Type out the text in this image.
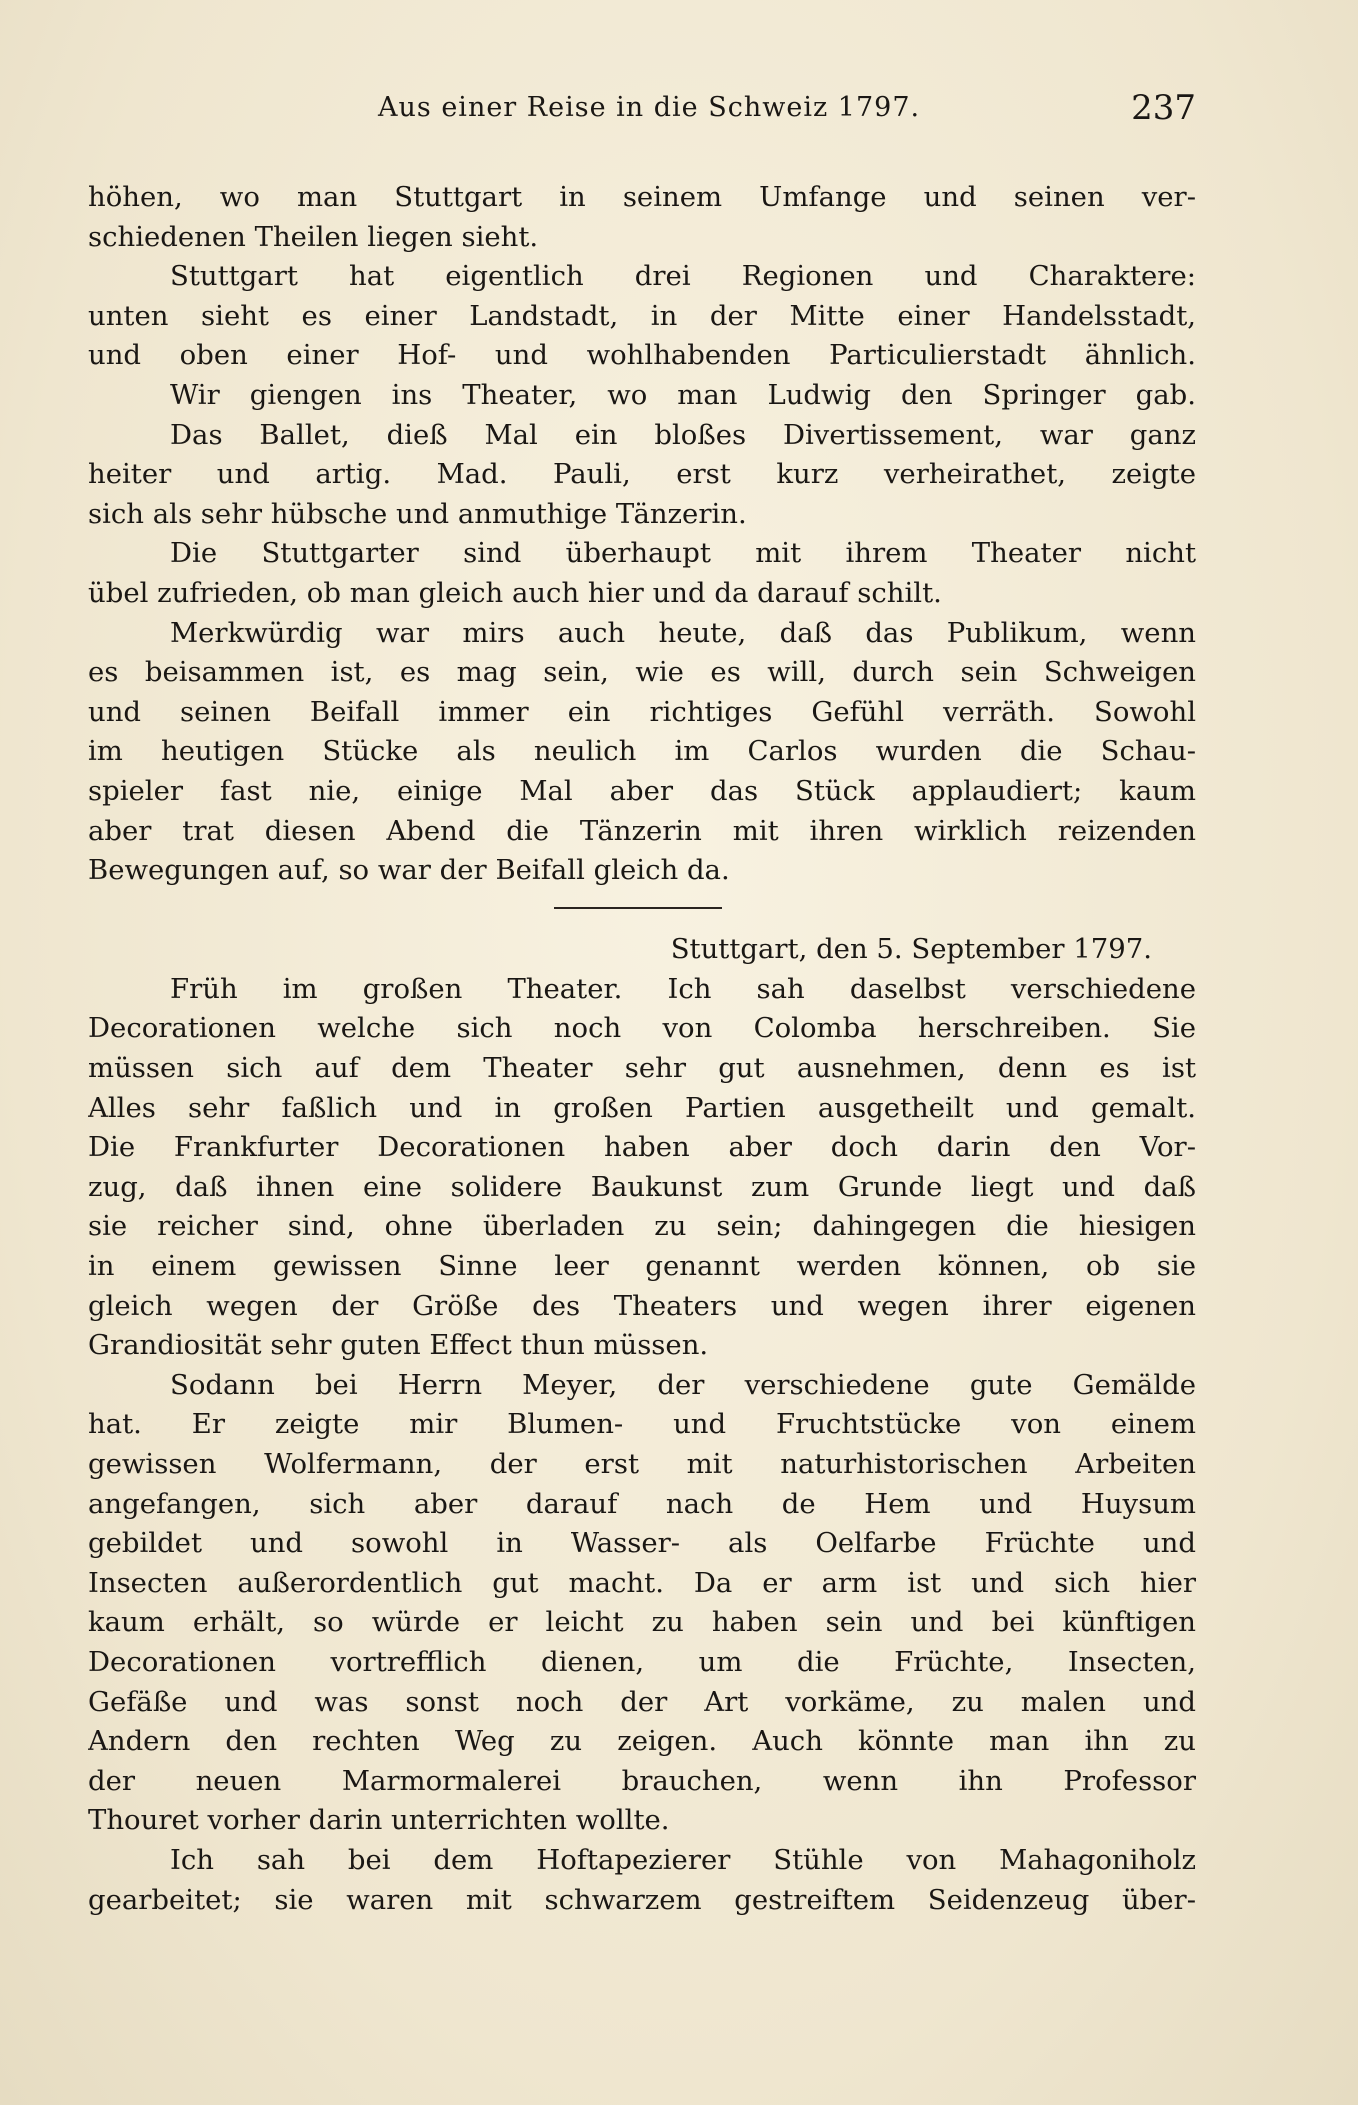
Aus einer Reise in die Schweiz 1797.	237
höhen, wo man Stuttgart in seinem Umfange und seinen ver-
schiedenen Theilen liegen sieht.
Stuttgart hat eigentlich drei Regionen und Charaktere:
unten sieht es einer Landstadt, in der Mitte einer Handelsstadt,
und oben einer Hof- und wohlhabenden Particulierstadt ähnlich.
Wir giengen ins Theater, wo man Ludwig den Springer gab.
Das Ballet, dieß Mal ein bloßes Divertissement, war ganz
heiter und artig. Mad. Pauli, erst kurz verheirathet, zeigte
sich als sehr hübsche und anmuthige Tänzerin.
Die Stuttgarter sind überhaupt mit ihrem Theater nicht
übel zufrieden, ob man gleich auch hier und da darauf schilt.
Merkwürdig war mirs auch heute, daß das Publikum, wenn
es beisammen ist, es mag sein, wie es will, durch sein Schweigen
und seinen Beifall immer ein richtiges Gefühl verräth. Sowohl
im heutigen Stücke als neulich im Carlos wurden die Schau-
spieler fast nie, einige Mal aber das Stück applaudiert; kaum
aber trat diesen Abend die Tänzerin mit ihren wirklich reizenden
Bewegungen auf, so war der Beifall gleich da.
Stuttgart, den 5. September 1797.
Früh im großen Theater. Ich sah daselbst verschiedene
Decorationen welche sich noch von Colomba herschreiben. Sie
müssen sich auf dem Theater sehr gut ausnehmen, denn es ist
Alles sehr faßlich und in großen Partien ausgetheilt und gemalt.
Die Frankfurter Decorationen haben aber doch darin den Vor-
zug, daß ihnen eine solidere Baukunst zum Grunde liegt und daß
sie reicher sind, ohne überladen zu sein; dahingegen die hiesigen
in einem gewissen Sinne leer genannt werden können, ob sie
gleich wegen der Größe des Theaters und wegen ihrer eigenen
Grandiosität sehr guten Effect thun müssen.
Sodann bei Herrn Meyer, der verschiedene gute Gemälde
hat. Er zeigte mir Blumen- und Fruchtstücke von einem
gewissen Wolfermann, der erst mit naturhistorischen Arbeiten
angefangen, sich aber darauf nach de Hem und Huysum
gebildet und sowohl in Wasser- als Oelfarbe Früchte und
Insecten außerordentlich gut macht. Da er arm ist und sich hier
kaum erhält, so würde er leicht zu haben sein und bei künftigen
Decorationen vortrefflich dienen, um die Früchte, Insecten,
Gefäße und was sonst noch der Art vorkäme, zu malen und
Andern den rechten Weg zu zeigen. Auch könnte man ihn zu
der neuen Marmormalerei brauchen, wenn ihn Professor
Thouret vorher darin unterrichten wollte.
Ich sah bei dem Hoftapezierer Stühle von Mahagoniholz
gearbeitet; sie waren mit schwarzem gestreiftem Seidenzeug über-
